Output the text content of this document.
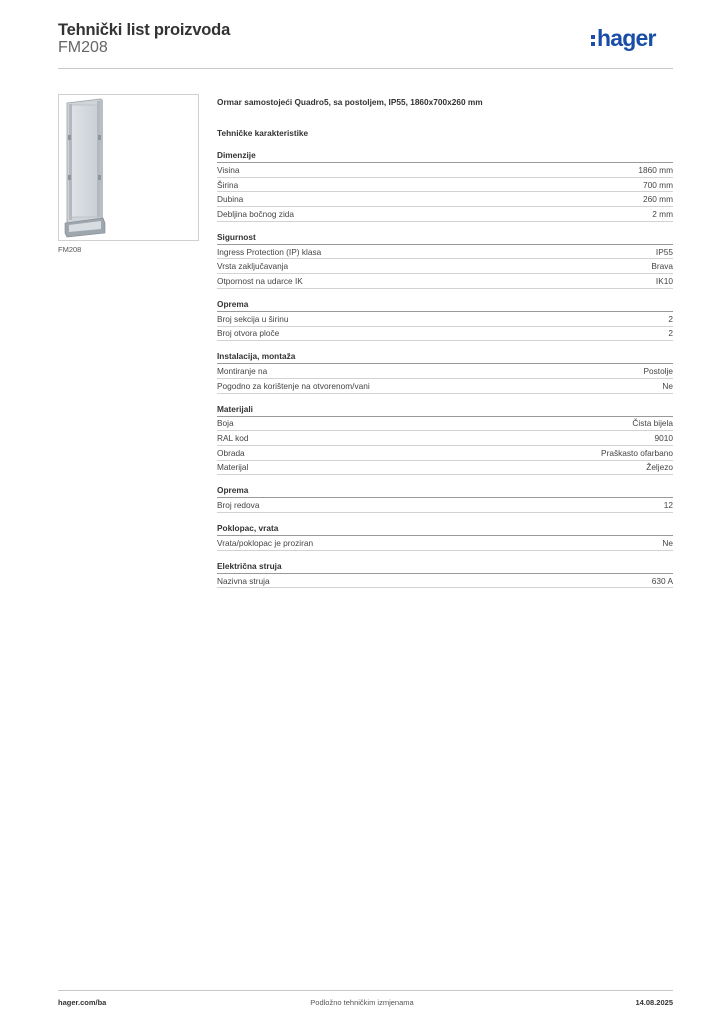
Tehnički list proizvoda
FM208	hager
FM208

Ormar samostojeći Quadro5, sa postoljem, IP55, 1860x700x260 mm

Tehničke karakteristike
Dimenzije
Visina	1860 mm
Širina	700 mm
Dubina	260 mm
Debljina bočnog zida	2 mm
Sigurnost
Ingress Protection (IP) klasa	IP55
Vrsta zaključavanja	Brava
Otpornost na udarce IK	IK10
Oprema
Broj sekcija u širinu	2
Broj otvora ploče	2
Instalacija, montaža
Montiranje na	Postolje
Pogodno za korištenje na otvorenom/vani	Ne
Materijali
Boja	Čista bijela
RAL kod	9010
Obrada	Praškasto ofarbano
Materijal	Željezo
Oprema
Broj redova	12
Poklopac, vrata
Vrata/poklopac je proziran	Ne
Električna struja
Nazivna struja	630 A
hager.com/ba	Podložno tehničkim izmjenama	14.08.2025
